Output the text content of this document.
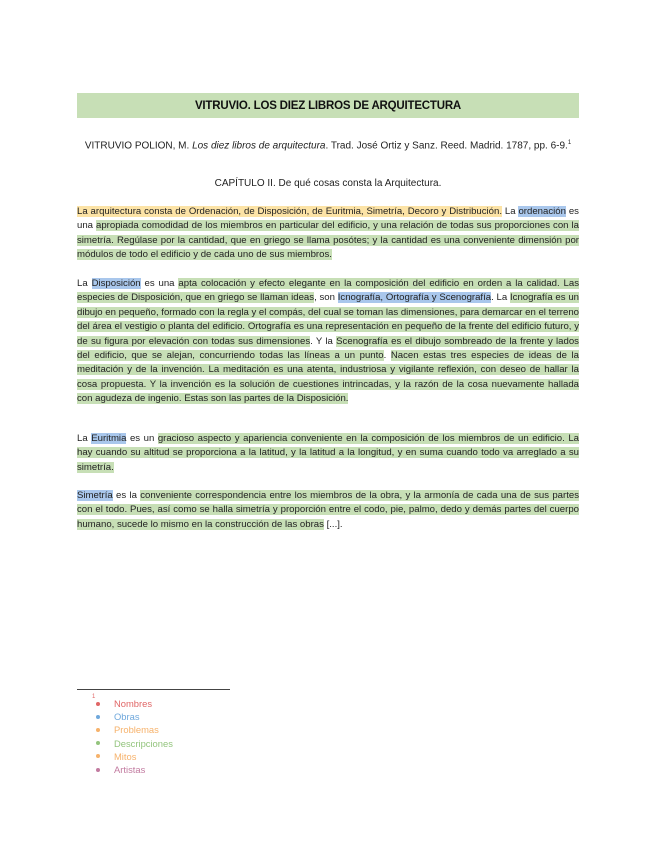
VITRUVIO. LOS DIEZ LIBROS DE ARQUITECTURA
VITRUVIO POLION, M. Los diez libros de arquitectura. Trad. José Ortiz y Sanz. Reed. Madrid. 1787, pp. 6-9.$^1$
CAPÍTULO II. De qué cosas consta la Arquitectura.
La arquitectura consta de Ordenación, de Disposición, de Euritmia, Simetría, Decoro y Distribución. La ordenación es una apropiada comodidad de los miembros en particular del edificio, y una relación de todas sus proporciones con la simetría. Regúlase por la cantidad, que en griego se llama posótes; y la cantidad es una conveniente dimensión por módulos de todo el edificio y de cada uno de sus miembros.
La Disposición es una apta colocación y efecto elegante en la composición del edificio en orden a la calidad. Las especies de Disposición, que en griego se llaman ideas, son Icnografía, Ortografía y Scenografía. La Icnografía es un dibujo en pequeño, formado con la regla y el compás, del cual se toman las dimensiones, para demarcar en el terreno del área el vestigio o planta del edificio. Ortografía es una representación en pequeño de la frente del edificio futuro, y de su figura por elevación con todas sus dimensiones. Y la Scenografía es el dibujo sombreado de la frente y lados del edificio, que se alejan, concurriendo todas las líneas a un punto. Nacen estas tres especies de ideas de la meditación y de la invención. La meditación es una atenta, industriosa y vigilante reflexión, con deseo de hallar la cosa propuesta. Y la invención es la solución de cuestiones intrincadas, y la razón de la cosa nuevamente hallada con agudeza de ingenio. Estas son las partes de la Disposición.
La Euritmia es un gracioso aspecto y apariencia conveniente en la composición de los miembros de un edificio. La hay cuando su altitud se proporciona a la latitud, y la latitud a la longitud, y en suma cuando todo va arreglado a su simetría.
Simetría es la conveniente correspondencia entre los miembros de la obra, y la armonía de cada una de sus partes con el todo. Pues, así como se halla simetría y proporción entre el codo, pie, palmo, dedo y demás partes del cuerpo humano, sucede lo mismo en la construcción de las obras [...].
1
Nombres
Obras
Problemas
Descripciones
Mitos
Artistas
